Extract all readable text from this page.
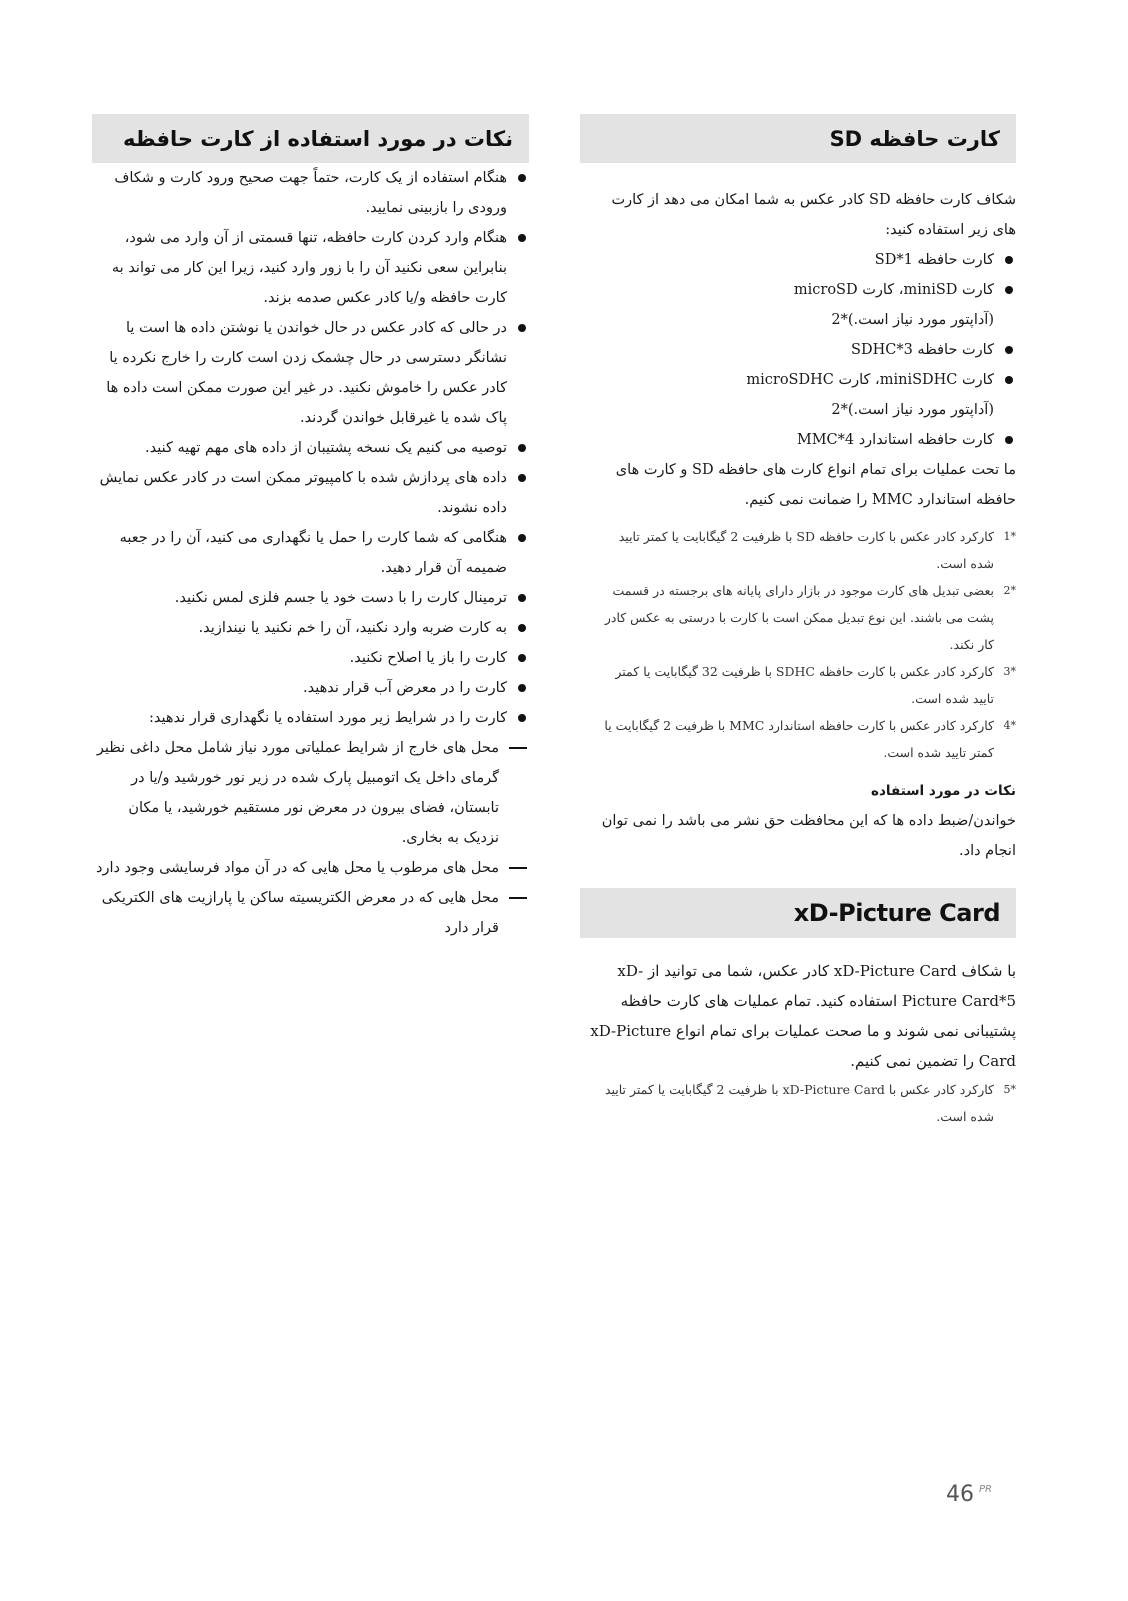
کارت حافظه SD

شکاف کارت حافظه SD کادر عکس به شما امکان می دهد از کارت های زیر استفاده کنید:

کارت حافظه SD*1
کارت miniSD، کارت microSD
(آداپتور مورد نیاز است.)*2
کارت حافظه SDHC*3
کارت miniSDHC، کارت microSDHC
(آداپتور مورد نیاز است.)*2
کارت حافظه استاندارد MMC*4

ما تحت عملیات برای تمام انواع کارت های حافظه SD و کارت های حافظه استاندارد MMC را ضمانت نمی کنیم.

*1
کارکرد کادر عکس با کارت حافظه SD با ظرفیت 2 گیگابایت یا کمتر تایید شده است.
*2
بعضی تبدیل های کارت موجود در بازار دارای پایانه های برجسته در قسمت پشت می باشند. این نوع تبدیل ممکن است با کارت با درستی به عکس کادر کار نکند.
*3
کارکرد کادر عکس با کارت حافظه SDHC با ظرفیت 32 گیگابایت یا کمتر تایید شده است.
*4
کارکرد کادر عکس با کارت حافظه استاندارد MMC با ظرفیت 2 گیگابایت یا کمتر تایید شده است.
نکات در مورد استفاده

خواندن/ضبط داده ها که این محافظت حق نشر می باشد را نمی توان انجام داد.

xD-Picture Card

با شکاف xD-Picture Card کادر عکس، شما می توانید از xD-Picture Card*5 استفاده کنید. تمام عملیات های کارت حافظه پشتیبانی نمی شوند و ما صحت عملیات برای تمام انواع xD-Picture Card را تضمین نمی کنیم.

*5
کارکرد کادر عکس با xD-Picture Card با ظرفیت 2 گیگابایت یا کمتر تایید شده است.
نکات در مورد استفاده از کارت حافظه
هنگام استفاده از یک کارت، حتماً جهت صحیح ورود کارت و شکاف ورودی را بازبینی نمایید.
هنگام وارد کردن کارت حافظه، تنها قسمتی از آن وارد می شود، بنابراین سعی نکنید آن را با زور وارد کنید، زیرا این کار می تواند به کارت حافظه و/یا کادر عکس صدمه بزند.
در حالی که کادر عکس در حال خواندن یا نوشتن داده ها است یا نشانگر دسترسی در حال چشمک زدن است کارت را خارج نکرده یا کادر عکس را خاموش نکنید. در غیر این صورت ممکن است داده ها پاک شده یا غیرقابل خواندن گردند.
توصیه می کنیم یک نسخه پشتیبان از داده های مهم تهیه کنید.
داده های پردازش شده با کامپیوتر ممکن است در کادر عکس نمایش داده نشوند.
هنگامی که شما کارت را حمل یا نگهداری می کنید، آن را در جعبه ضمیمه آن قرار دهید.
ترمینال کارت را با دست خود یا جسم فلزی لمس نکنید.
به کارت ضربه وارد نکنید، آن را خم نکنید یا نیندازید.
کارت را باز یا اصلاح نکنید.
کارت را در معرض آب قرار ندهید.
کارت را در شرایط زیر مورد استفاده یا نگهداری قرار ندهید:
محل های خارج از شرایط عملیاتی مورد نیاز شامل محل داغی نظیر گرمای داخل یک اتومبیل پارک شده در زیر نور خورشید و/یا در تابستان، فضای بیرون در معرض نور مستقیم خورشید، یا مکان نزدیک به بخاری.
محل های مرطوب یا محل هایی که در آن مواد فرسایشی وجود دارد
محل هایی که در معرض الکتریسیته ساکن یا پارازیت های الکتریکی قرار دارد
46 $^{PR}$
